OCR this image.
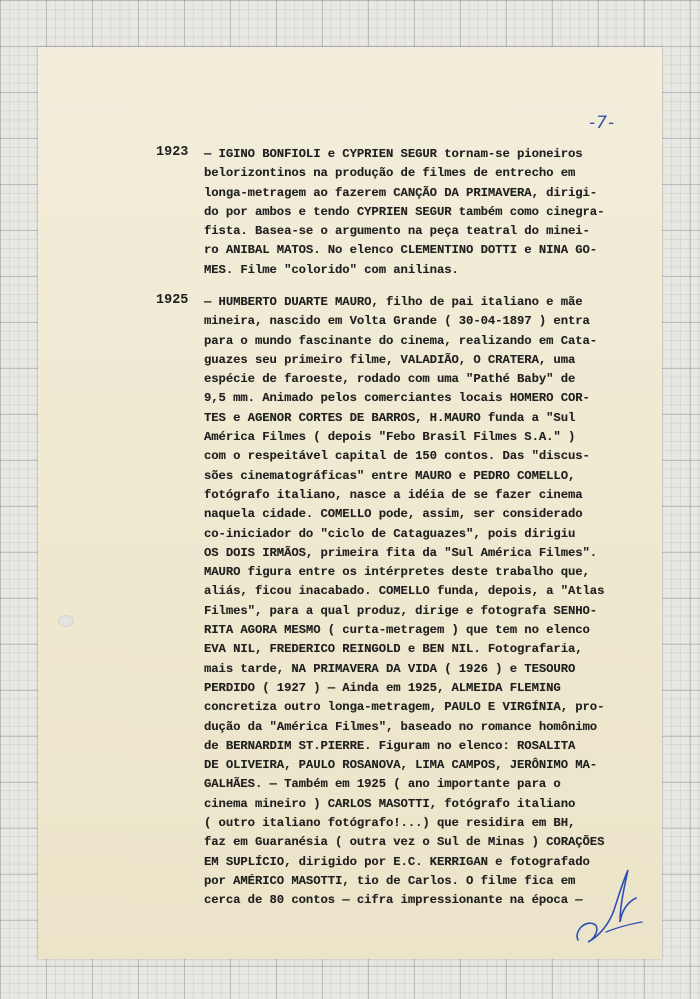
-7-
1923 — IGINO BONFIOLI e CYPRIEN SEGUR tornam-se pioneiros
belorizontinos na produção de filmes de entrecho em
longa-metragem ao fazerem CANÇÃO DA PRIMAVERA, dirigi-
do por ambos e tendo CYPRIEN SEGUR também como cinegra-
fista. Basea-se o argumento na peça teatral do minei-
ro ANIBAL MATOS. No elenco CLEMENTINO DOTTI e NINA GO-
MES. Filme "colorido" com anilinas.
1925 — HUMBERTO DUARTE MAURO, filho de pai italiano e mãe
mineira, nascido em Volta Grande ( 30-04-1897 ) entra
para o mundo fascinante do cinema, realizando em Cata-
guazes seu primeiro filme, VALADIÃO, O CRATERA, uma
espécie de faroeste, rodado com uma "Pathé Baby" de
9,5 mm. Animado pelos comerciantes locais HOMERO COR-
TES e AGENOR CORTES DE BARROS, H.MAURO funda a "Sul
América Filmes ( depois "Febo Brasil Filmes S.A." )
com o respeitável capital de 150 contos. Das "discus-
sões cinematográficas" entre MAURO e PEDRO COMELLO,
fotógrafo italiano, nasce a idéia de se fazer cinema
naquela cidade. COMELLO pode, assim, ser considerado
co-iniciador do "ciclo de Cataguazes", pois dirigiu
OS DOIS IRMÃOS, primeira fita da "Sul América Filmes".
MAURO figura entre os intérpretes deste trabalho que,
aliás, ficou inacabado. COMELLO funda, depois, a "Atlas
Filmes", para a qual produz, dirige e fotografa SENHO-
RITA AGORA MESMO ( curta-metragem ) que tem no elenco
EVA NIL, FREDERICO REINGOLD e BEN NIL. Fotografaria,
mais tarde, NA PRIMAVERA DA VIDA ( 1926 ) e TESOURO
PERDIDO ( 1927 ) — Ainda em 1925, ALMEIDA FLEMING
concretiza outro longa-metragem, PAULO E VIRGÍNIA, pro-
dução da "América Filmes", baseado no romance homônimo
de BERNARDIM ST.PIERRE. Figuram no elenco: ROSALITA
DE OLIVEIRA, PAULO ROSANOVA, LIMA CAMPOS, JERÔNIMO MA-
GALHÃES. — Também em 1925 ( ano importante para o
cinema mineiro ) CARLOS MASOTTI, fotógrafo italiano
( outro italiano fotógrafo!...) que residira em BH,
faz em Guaranésia ( outra vez o Sul de Minas ) CORAÇÕES
EM SUPLÍCIO, dirigido por E.C. KERRIGAN e fotografado
por AMÉRICO MASOTTI, tio de Carlos. O filme fica em
cerca de 80 contos — cifra impressionante na época —
